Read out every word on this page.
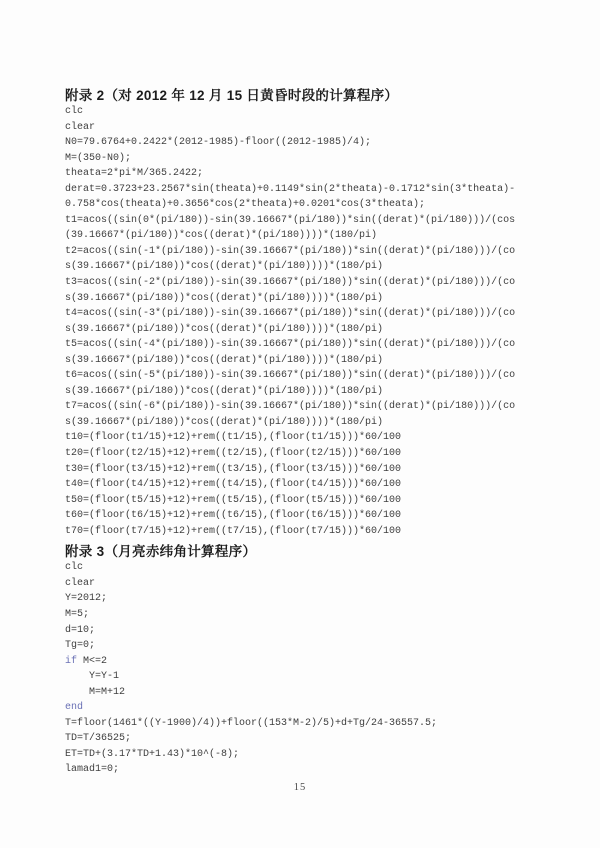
附录 2（对 2012 年 12 月 15 日黄昏时段的计算程序）
clc
clear
N0=79.6764+0.2422*(2012-1985)-floor((2012-1985)/4);
M=(350-N0);
theata=2*pi*M/365.2422;
derat=0.3723+23.2567*sin(theata)+0.1149*sin(2*theata)-0.1712*sin(3*theata)-
0.758*cos(theata)+0.3656*cos(2*theata)+0.0201*cos(3*theata);
t1=acos((sin(0*(pi/180))-sin(39.16667*(pi/180))*sin((derat)*(pi/180)))/(cos
(39.16667*(pi/180))*cos((derat)*(pi/180))))*(180/pi)
t2=acos((sin(-1*(pi/180))-sin(39.16667*(pi/180))*sin((derat)*(pi/180)))/(co
s(39.16667*(pi/180))*cos((derat)*(pi/180))))*(180/pi)
t3=acos((sin(-2*(pi/180))-sin(39.16667*(pi/180))*sin((derat)*(pi/180)))/(co
s(39.16667*(pi/180))*cos((derat)*(pi/180))))*(180/pi)
t4=acos((sin(-3*(pi/180))-sin(39.16667*(pi/180))*sin((derat)*(pi/180)))/(co
s(39.16667*(pi/180))*cos((derat)*(pi/180))))*(180/pi)
t5=acos((sin(-4*(pi/180))-sin(39.16667*(pi/180))*sin((derat)*(pi/180)))/(co
s(39.16667*(pi/180))*cos((derat)*(pi/180))))*(180/pi)
t6=acos((sin(-5*(pi/180))-sin(39.16667*(pi/180))*sin((derat)*(pi/180)))/(co
s(39.16667*(pi/180))*cos((derat)*(pi/180))))*(180/pi)
t7=acos((sin(-6*(pi/180))-sin(39.16667*(pi/180))*sin((derat)*(pi/180)))/(co
s(39.16667*(pi/180))*cos((derat)*(pi/180))))*(180/pi)
t10=(floor(t1/15)+12)+rem((t1/15),(floor(t1/15)))*60/100
t20=(floor(t2/15)+12)+rem((t2/15),(floor(t2/15)))*60/100
t30=(floor(t3/15)+12)+rem((t3/15),(floor(t3/15)))*60/100
t40=(floor(t4/15)+12)+rem((t4/15),(floor(t4/15)))*60/100
t50=(floor(t5/15)+12)+rem((t5/15),(floor(t5/15)))*60/100
t60=(floor(t6/15)+12)+rem((t6/15),(floor(t6/15)))*60/100
t70=(floor(t7/15)+12)+rem((t7/15),(floor(t7/15)))*60/100
附录 3（月亮赤纬角计算程序）
clc
clear
Y=2012;
M=5;
d=10;
Tg=0;
if M<=2
Y=Y-1
M=M+12
end
T=floor(1461*((Y-1900)/4))+floor((153*M-2)/5)+d+Tg/24-36557.5;
TD=T/36525;
ET=TD+(3.17*TD+1.43)*10^(-8);
lamad1=0;
15
